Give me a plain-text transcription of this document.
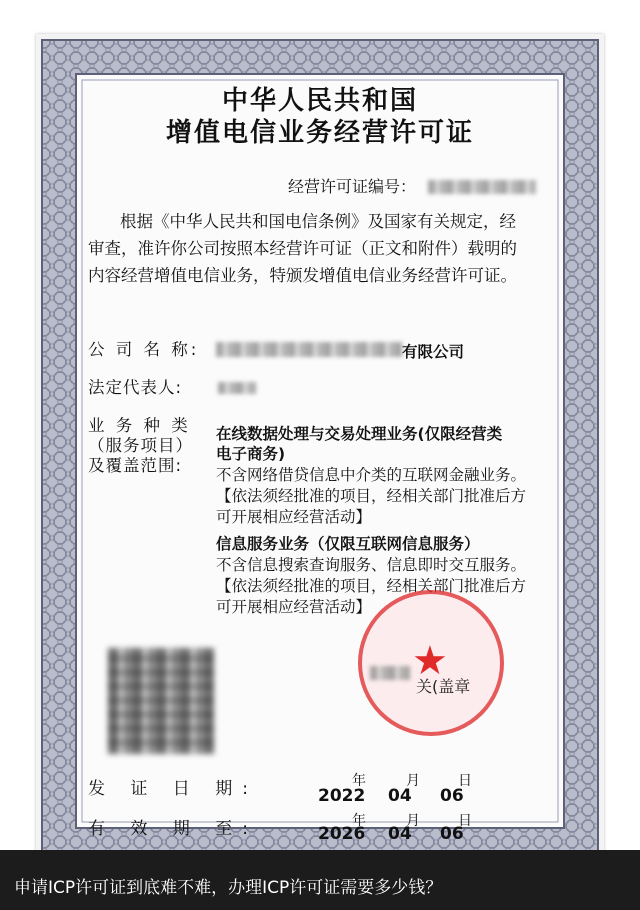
中华人民共和国
增值电信业务经营许可证
经营许可证编号：
根据《中华人民共和国电信条例》及国家有关规定，经
审查，准许你公司按照本经营许可证（正文和附件）载明的
内容经营增值电信业务，特颁发增值电信业务经营许可证。
公 司 名 称:	有限公司
法定代表人:
业 务 种 类
（服务项目）
及覆盖范围:
在线数据处理与交易处理业务(仅限经营类
电子商务)
不含网络借贷信息中介类的互联网金融业务。
【依法须经批准的项目，经相关部门批准后方
可开展相应经营活动】
信息服务业务（仅限互联网信息服务）
不含信息搜索查询服务、信息即时交互服务。
【依法须经批准的项目，经相关部门批准后方
可开展相应经营活动】
★
关(盖章
发 证 日 期:	年	月	日
2022 04 06
有 效 期 至:	年	月	日
2026 04 06
申请ICP许可证到底难不难，办理ICP许可证需要多少钱？
